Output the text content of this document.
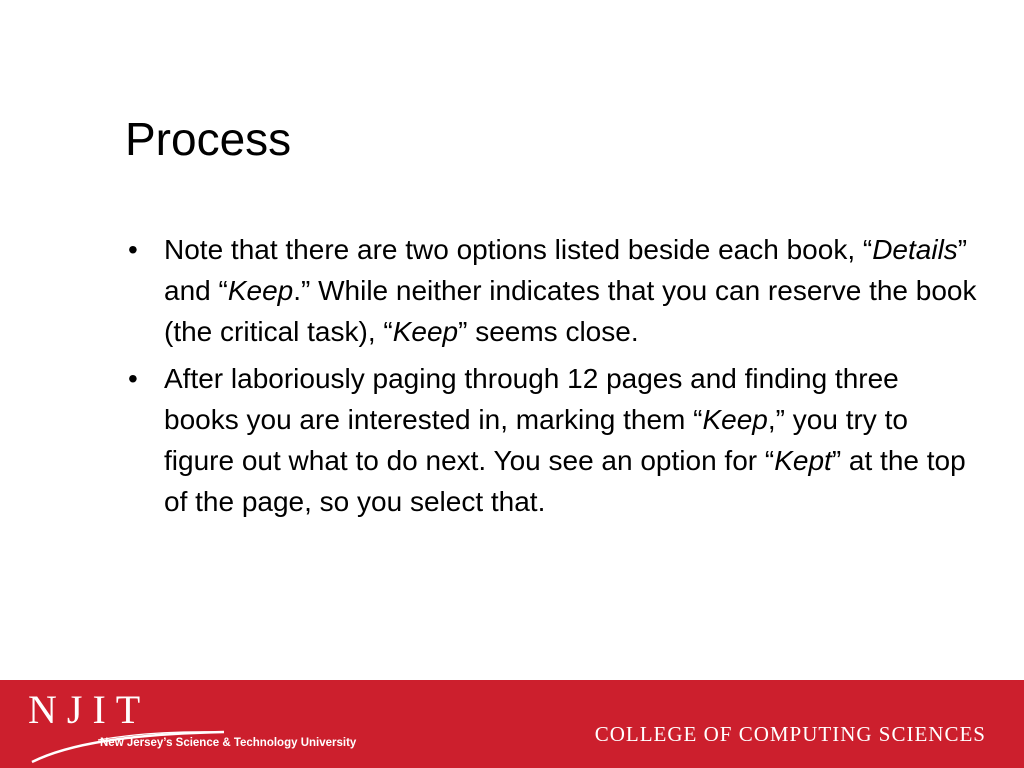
Process
• Note that there are two options listed beside each book, “Details” and “Keep.” While neither indicates that you can reserve the book (the critical task), “Keep” seems close.
• After laboriously paging through 12 pages and finding three books you are interested in, marking them “Keep,” you try to figure out what to do next. You see an option for “Kept” at the top of the page, so you select that.
NJIT
New Jersey’s Science & Technology University	COLLEGE OF COMPUTING SCIENCES
